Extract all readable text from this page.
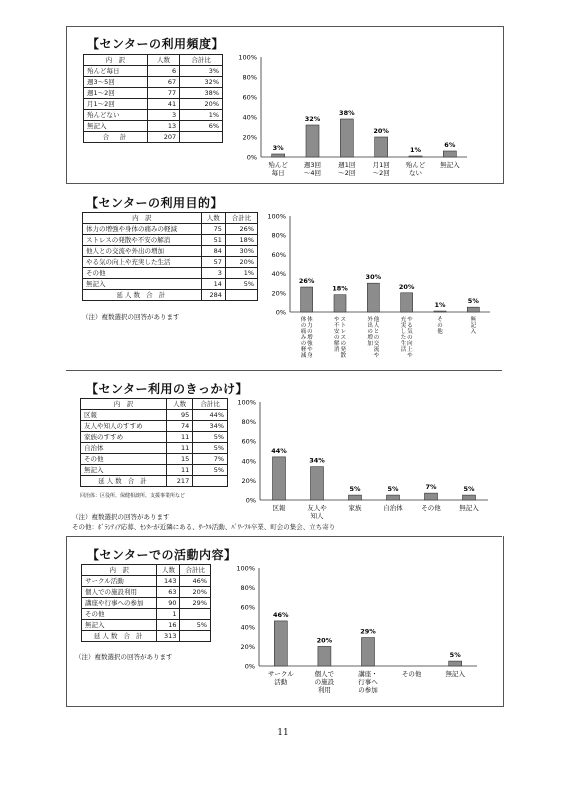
【センターの利用頻度】
内　訳	人数	合計比
殆んど毎日	6	3%
週3～5回	67	32%
週1～2回	77	38%
月1～2回	41	20%
殆んどない	3	1%
無記入	13	6%
合　計	207	
0%
20%
40%
60%
80%
100%
3%
殆んど毎日
32%
週3回～4回
38%
週1回～2回
20%
月1回～2回
1%
殆んどない
6%
無記入
【センターの利用目的】
内　訳	人数	合計比
体力の増強や身体の痛みの軽減	75	26%
ストレスの発散や不安の解消	51	18%
他人との交流や外出の増加	84	30%
やる気の向上や充実した生活	57	20%
その他	3	1%
無記入	14	5%
延人数 合 計	284	
（注）複数選択の回答があります
0%
20%
40%
60%
80%
100%
26%
体
力
の
増
強
や
身
体
の
痛
み
の
軽
減
18%
ス
ト
レ
ス
の
発
散
や
不
安
の
解
消
30%
他
人
と
の
交
流
や
外
出
の
増
加
20%
や
る
気
の
向
上
や
充
実
し
た
生
活
1%
そ
の
他
5%
無
記
入
【センター利用のきっかけ】
内　訳	人数	合計比
区報	95	44%
友人や知人のすすめ	74	34%
家族のすすめ	11	5%
自治体	11	5%
その他	15	7%
無記入	11	5%
延人数 合 計	217	
回治体：区役所、保健相談所、支援事業所など
（注）複数選択の回答があります
その他：ﾎﾞﾗﾝﾃｨｱ応募、ｾﾝﾀｰが近隣にある、ｻｰｸﾙ活動、ﾊﾟﾜｰﾌﾙ卒業、町会の集会、立ち寄り
0%
20%
40%
60%
80%
100%
44%
区報
34%
友人や知人
5%
家族
5%
自治体
7%
その他
5%
無記入
【センターでの活動内容】
内　訳	人数	合計比
サークル活動	143	46%
個人での施設利用	63	20%
講座や行事への参加	90	29%
その他	1	
無記入	16	5%
延人数 合 計	313	
（注）複数選択の回答があります
0%
20%
40%
60%
80%
100%
46%
サークル活動
20%
個人での施設利用
29%
講座・行事への参加
その他
5%
無記入
11
